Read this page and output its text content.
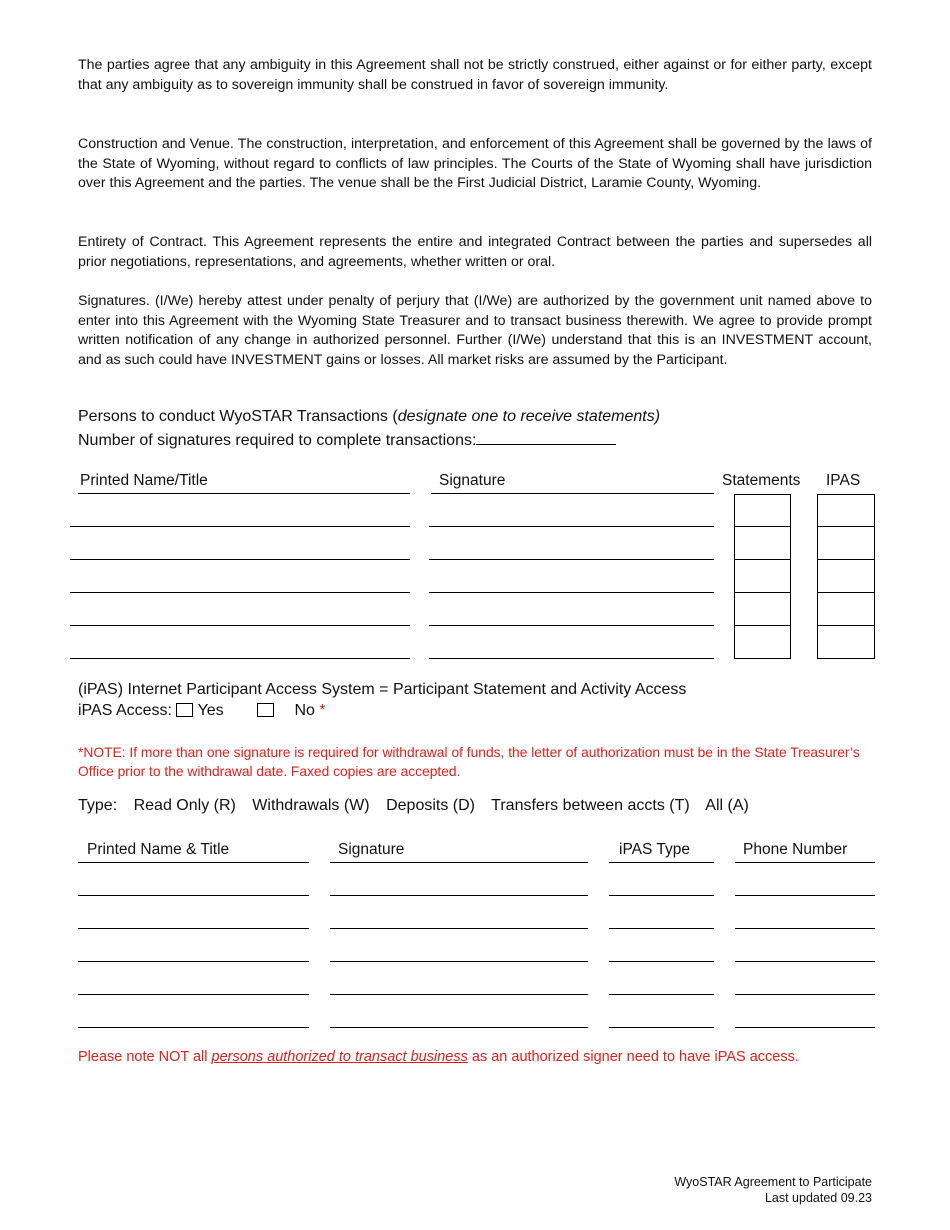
The parties agree that any ambiguity in this Agreement shall not be strictly construed, either against or for either party, except that any ambiguity as to sovereign immunity shall be construed in favor of sovereign immunity.

Construction and Venue. The construction, interpretation, and enforcement of this Agreement shall be governed by the laws of the State of Wyoming, without regard to conflicts of law principles. The Courts of the State of Wyoming shall have jurisdiction over this Agreement and the parties. The venue shall be the First Judicial District, Laramie County, Wyoming.

Entirety of Contract. This Agreement represents the entire and integrated Contract between the parties and supersedes all prior negotiations, representations, and agreements, whether written or oral.

Signatures. (I/We) hereby attest under penalty of perjury that (I/We) are authorized by the government unit named above to enter into this Agreement with the Wyoming State Treasurer and to transact business therewith. We agree to provide prompt written notification of any change in authorized personnel. Further (I/We) understand that this is an INVESTMENT account, and as such could have INVESTMENT gains or losses. All market risks are assumed by the Participant.

Persons to conduct WyoSTAR Transactions (designate one to receive statements)

Number of signatures required to complete transactions:

Printed Name/Title	Signature	Statements IPAS

(iPAS) Internet Participant Access System = Participant Statement and Activity Access

iPAS Access: Yes	No *

*NOTE: If more than one signature is required for withdrawal of funds, the letter of authorization must be in the State Treasurer’s Office prior to the withdrawal date. Faxed copies are accepted.

Type: Read Only (R) Withdrawals (W) Deposits (D) Transfers between accts (T) All (A)
Printed Name & Title	Signature	iPAS Type	Phone Number

Please note NOT all persons authorized to transact business as an authorized signer need to have iPAS access.

WyoSTAR Agreement to Participate
Last updated 09.23
